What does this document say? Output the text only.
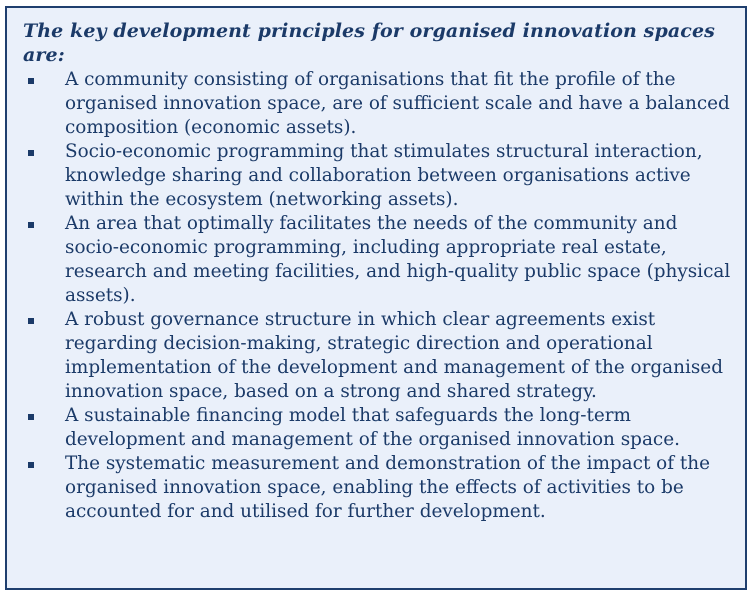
The key development principles for organised innovation spaces are:
A community consisting of organisations that fit the profile of the organised innovation space, are of sufficient scale and have a balanced composition (economic assets).
Socio-economic programming that stimulates structural interaction, knowledge sharing and collaboration between organisations active within the ecosystem (networking assets).
An area that optimally facilitates the needs of the community and socio-economic programming, including appropriate real estate, research and meeting facilities, and high-quality public space (physical assets).
A robust governance structure in which clear agreements exist regarding decision-making, strategic direction and operational implementation of the development and management of the organised innovation space, based on a strong and shared strategy.
A sustainable financing model that safeguards the long-term development and management of the organised innovation space.
The systematic measurement and demonstration of the impact of the organised innovation space, enabling the effects of activities to be accounted for and utilised for further development.
